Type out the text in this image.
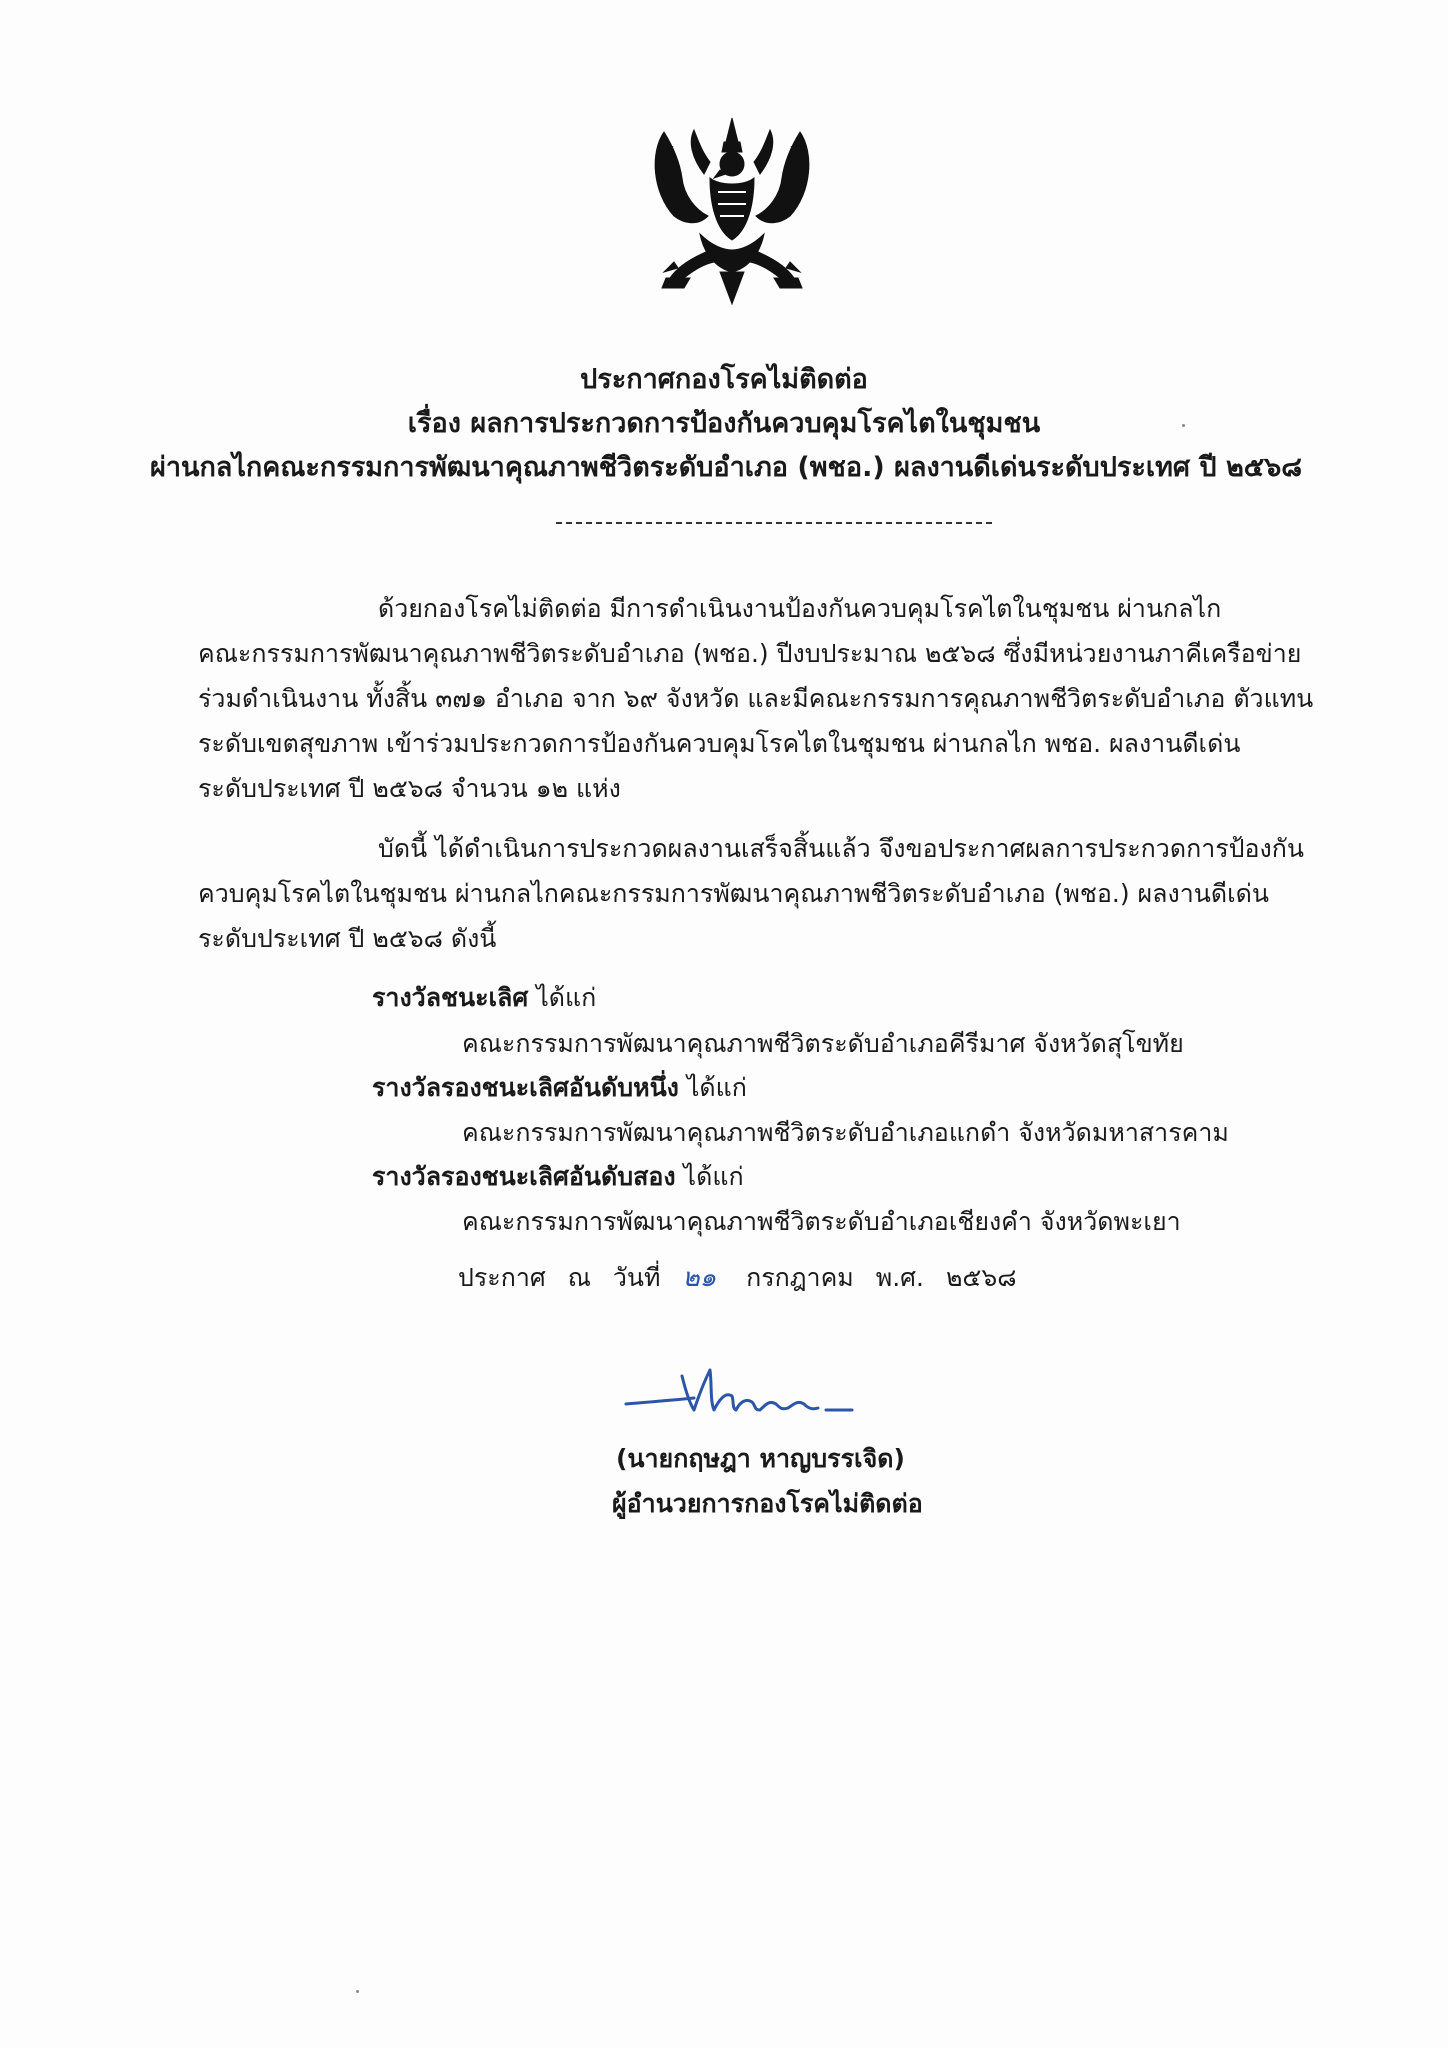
ประกาศกองโรคไม่ติดต่อ
เรื่อง ผลการประกวดการป้องกันควบคุมโรคไตในชุมชน
ผ่านกลไกคณะกรรมการพัฒนาคุณภาพชีวิตระดับอำเภอ (พชอ.) ผลงานดีเด่นระดับประเทศ ปี ๒๕๖๘
ด้วยกองโรคไม่ติดต่อ มีการดำเนินงานป้องกันควบคุมโรคไตในชุมชน ผ่านกลไก
คณะกรรมการพัฒนาคุณภาพชีวิตระดับอำเภอ (พชอ.) ปีงบประมาณ ๒๕๖๘ ซึ่งมีหน่วยงานภาคีเครือข่าย
ร่วมดำเนินงาน ทั้งสิ้น ๓๗๑ อำเภอ จาก ๖๙ จังหวัด และมีคณะกรรมการคุณภาพชีวิตระดับอำเภอ ตัวแทน
ระดับเขตสุขภาพ เข้าร่วมประกวดการป้องกันควบคุมโรคไตในชุมชน ผ่านกลไก พชอ. ผลงานดีเด่น
ระดับประเทศ ปี ๒๕๖๘ จำนวน ๑๒ แห่ง
บัดนี้ ได้ดำเนินการประกวดผลงานเสร็จสิ้นแล้ว จึงขอประกาศผลการประกวดการป้องกัน
ควบคุมโรคไตในชุมชน ผ่านกลไกคณะกรรมการพัฒนาคุณภาพชีวิตระดับอำเภอ (พชอ.) ผลงานดีเด่น
ระดับประเทศ ปี ๒๕๖๘ ดังนี้
รางวัลชนะเลิศ ได้แก่
คณะกรรมการพัฒนาคุณภาพชีวิตระดับอำเภอคีรีมาศ จังหวัดสุโขทัย
รางวัลรองชนะเลิศอันดับหนึ่ง ได้แก่
คณะกรรมการพัฒนาคุณภาพชีวิตระดับอำเภอแกดำ จังหวัดมหาสารคาม
รางวัลรองชนะเลิศอันดับสอง ได้แก่
คณะกรรมการพัฒนาคุณภาพชีวิตระดับอำเภอเชียงคำ จังหวัดพะเยา
ประกาศ ณ วันที่ ๒๑ กรกฎาคม พ.ศ. ๒๕๖๘
(นายกฤษฎา หาญบรรเจิด)
ผู้อำนวยการกองโรคไม่ติดต่อ
